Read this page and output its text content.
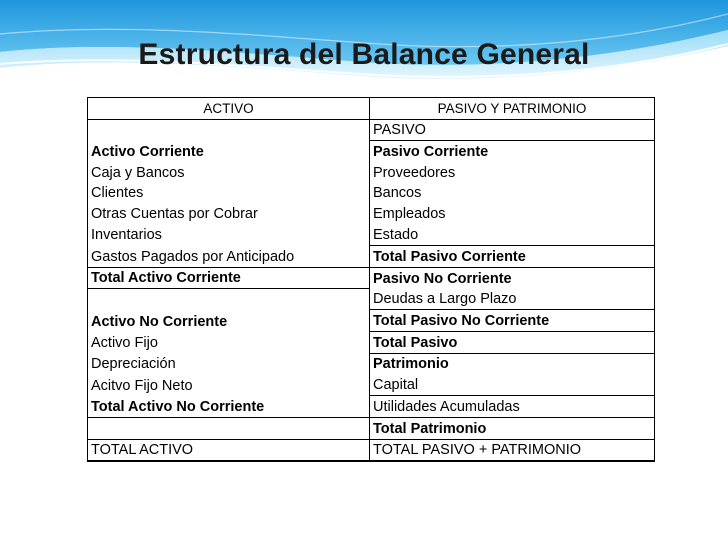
Estructura del Balance General
ACTIVO	PASIVO Y PATRIMONIO
	PASIVO
Activo Corriente	Pasivo Corriente
Caja y Bancos	Proveedores
Clientes	Bancos
Otras Cuentas por Cobrar	Empleados
Inventarios	Estado
Gastos Pagados por Anticipado	Total Pasivo Corriente
Total Activo Corriente	Pasivo No Corriente
	Deudas a Largo Plazo
Activo No Corriente	Total Pasivo No Corriente
Activo Fijo	Total Pasivo
Depreciación	Patrimonio
Acitvo Fijo Neto	Capital
Total Activo No Corriente	Utilidades Acumuladas
	Total Patrimonio
TOTAL ACTIVO	TOTAL PASIVO + PATRIMONIO
